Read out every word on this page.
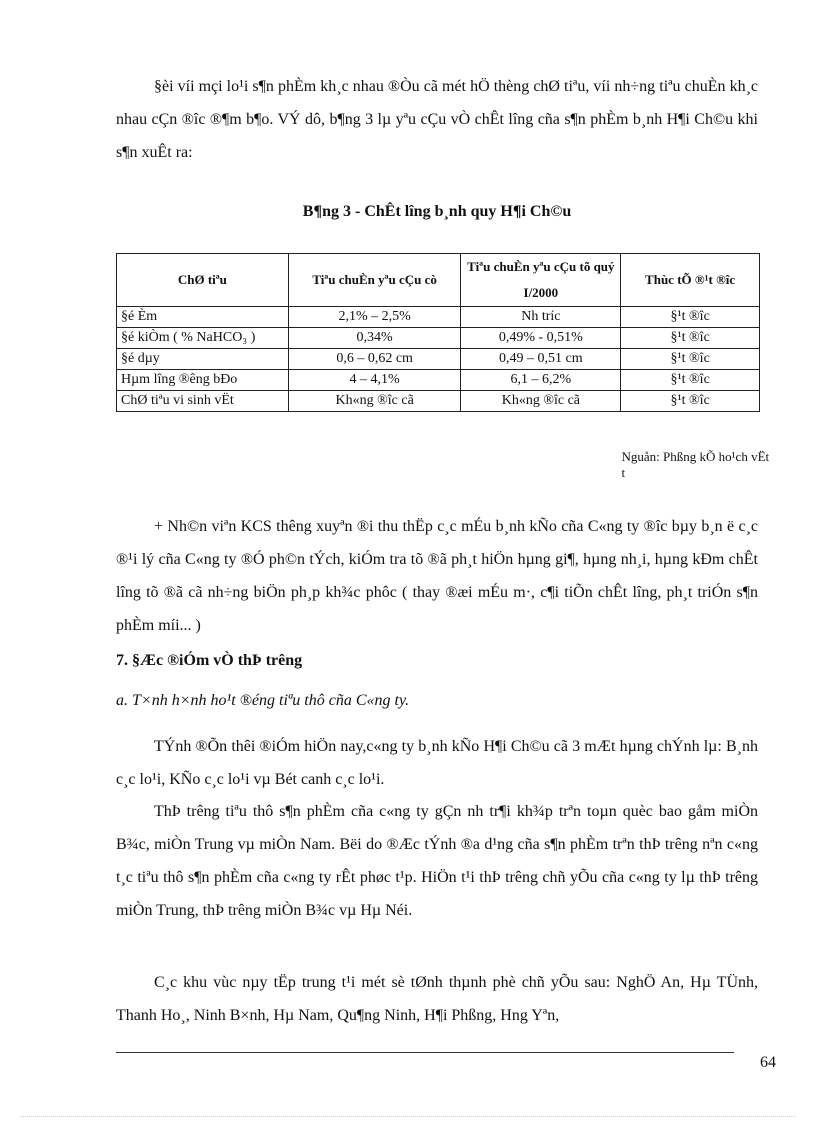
§èi víi mçi lo¹i s¶n phÈm kh¸c nhau ®Òu cã mét hÖ thèng chØ tiªu, víi nh÷ng tiªu chuÈn kh¸c nhau cÇn ®îc ®¶m b¶o. VÝ dô, b¶ng 3 lµ yªu cÇu vÒ chÊt lîng cña s¶n phÈm b¸nh H¶i Ch©u khi s¶n xuÊt ra:

B¶ng 3 - ChÊt lîng b¸nh quy H¶i Ch©u

ChØ tiªu	Tiªu chuÈn yªu cÇu cò	Tiªu chuÈn yªu cÇu tõ quý I/2000	Thùc tÕ ®¹t ®îc
§é Èm	2,1% – 2,5%	Nh tríc	§¹t ®îc
§é kiÒm ( % NaHCO₃ )	0,34%	0,49% - 0,51%	§¹t ®îc
§é dµy	0,6 – 0,62 cm	0,49 – 0,51 cm	§¹t ®îc
Hµm lîng ®êng bÐo	4 – 4,1%	6,1 – 6,2%	§¹t ®îc
ChØ tiªu vi sinh vËt	Kh«ng ®îc cã	Kh«ng ®îc cã	§¹t ®îc
Nguån: Phßng kÕ ho¹ch vËt t

+ Nh©n viªn KCS thêng xuyªn ®i thu thËp c¸c mÉu b¸nh kÑo cña C«ng ty ®îc bµy b¸n ë c¸c ®¹i lý cña C«ng ty ®Ó ph©n tÝch, kiÓm tra tõ ®ã ph¸t hiÖn hµng gi¶, hµng nh¸i, hµng kÐm chÊt lîng tõ ®ã cã nh÷ng biÖn ph¸p kh¾c phôc ( thay ®æi mÉu m·, c¶i tiÕn chÊt lîng, ph¸t triÓn s¶n phÈm míi... )

7. §Æc ®iÓm vÒ thÞ trêng

a. T×nh h×nh ho¹t ®éng tiªu thô cña C«ng ty.

TÝnh ®Õn thêi ®iÓm hiÖn nay,c«ng ty b¸nh kÑo H¶i Ch©u cã 3 mÆt hµng chÝnh lµ: B¸nh c¸c lo¹i, KÑo c¸c lo¹i vµ Bét canh c¸c lo¹i.

ThÞ trêng tiªu thô s¶n phÈm cña c«ng ty gÇn nh tr¶i kh¾p trªn toµn quèc bao gåm miÒn B¾c, miÒn Trung vµ miÒn Nam. Bëi do ®Æc tÝnh ®a d¹ng cña s¶n phÈm trªn thÞ trêng nªn c«ng t¸c tiªu thô s¶n phÈm cña c«ng ty rÊt phøc t¹p. HiÖn t¹i thÞ trêng chñ yÕu cña c«ng ty lµ thÞ trêng miÒn Trung, thÞ trêng miÒn B¾c vµ Hµ Néi.

C¸c khu vùc nµy tËp trung t¹i mét sè tØnh thµnh phè chñ yÕu sau: NghÖ An, Hµ TÜnh, Thanh Ho¸, Ninh B×nh, Hµ Nam, Qu¶ng Ninh, H¶i Phßng, Hng Yªn,

64
